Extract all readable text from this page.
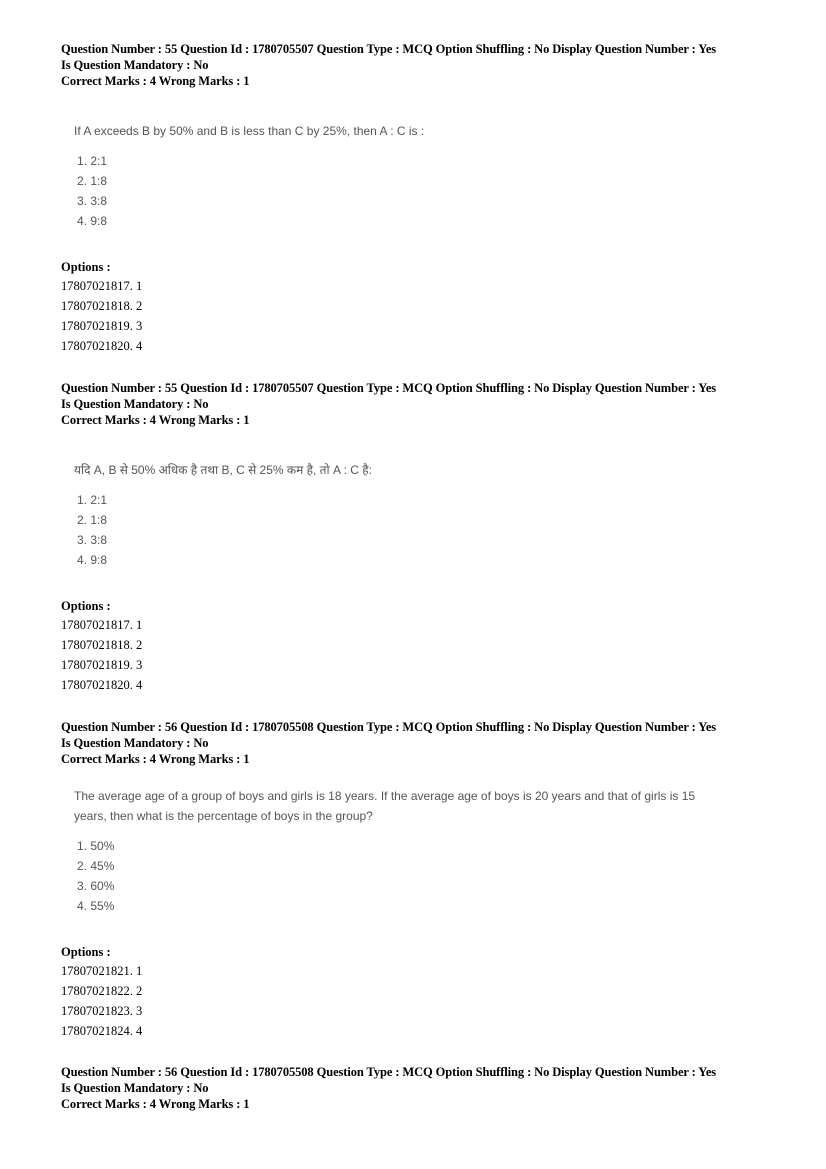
Question Number : 55 Question Id : 1780705507 Question Type : MCQ Option Shuffling : No Display Question Number : Yes
Is Question Mandatory : No
Correct Marks : 4 Wrong Marks : 1
If A exceeds B by 50% and B is less than C by 25%, then A : C is :
1. 2:1
2. 1:8
3. 3:8
4. 9:8
Options :
17807021817. 1
17807021818. 2
17807021819. 3
17807021820. 4
Question Number : 55 Question Id : 1780705507 Question Type : MCQ Option Shuffling : No Display Question Number : Yes
Is Question Mandatory : No
Correct Marks : 4 Wrong Marks : 1
यदि A, B से 50% अधिक है तथा B, C से 25% कम है, तो A : C है:
1. 2:1
2. 1:8
3. 3:8
4. 9:8
Options :
17807021817. 1
17807021818. 2
17807021819. 3
17807021820. 4
Question Number : 56 Question Id : 1780705508 Question Type : MCQ Option Shuffling : No Display Question Number : Yes
Is Question Mandatory : No
Correct Marks : 4 Wrong Marks : 1
The average age of a group of boys and girls is 18 years. If the average age of boys is 20 years and that of girls is 15
years, then what is the percentage of boys in the group?
1. 50%
2. 45%
3. 60%
4. 55%
Options :
17807021821. 1
17807021822. 2
17807021823. 3
17807021824. 4
Question Number : 56 Question Id : 1780705508 Question Type : MCQ Option Shuffling : No Display Question Number : Yes
Is Question Mandatory : No
Correct Marks : 4 Wrong Marks : 1
